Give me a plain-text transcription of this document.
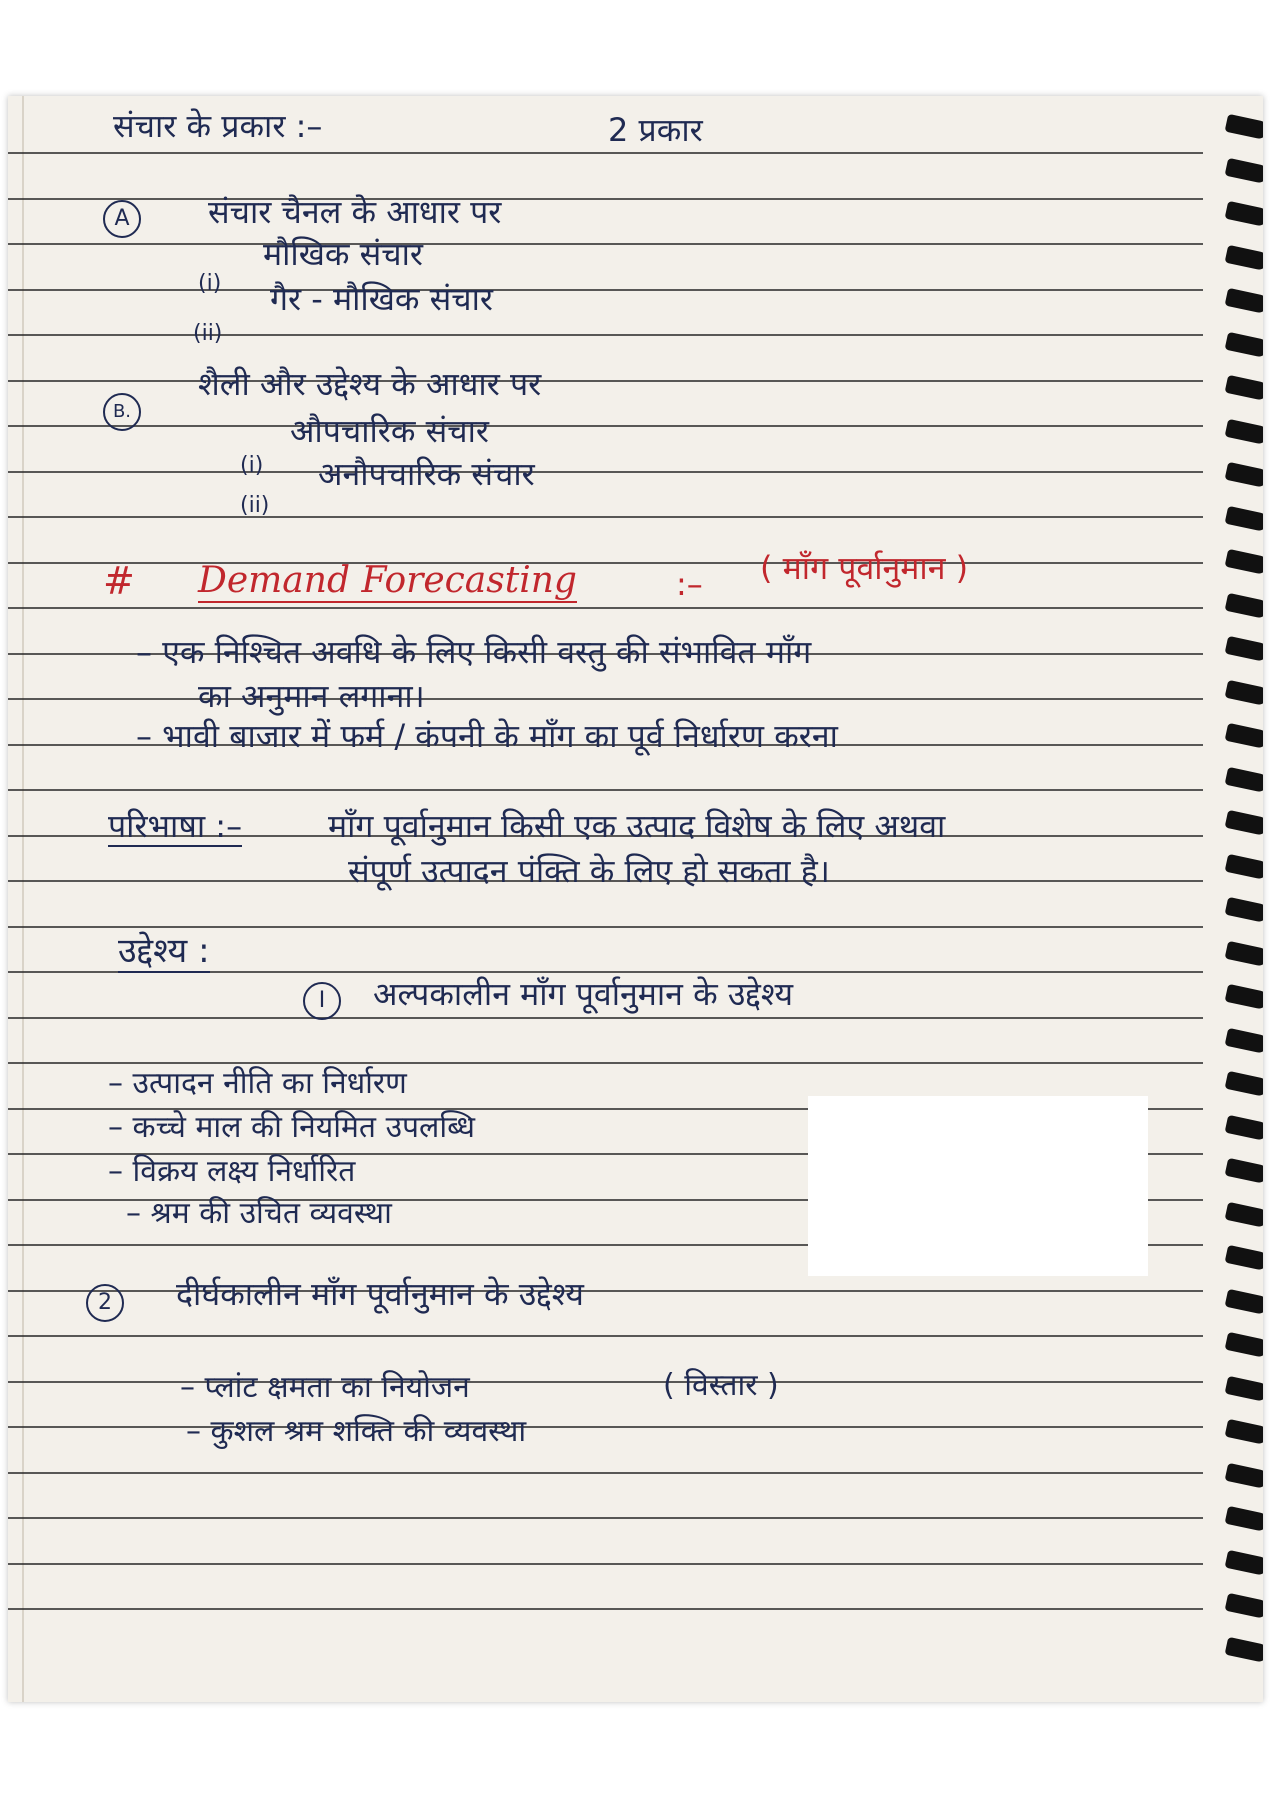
संचार के प्रकार :–	2 प्रकार
A	संचार चैनल के आधार पर
(i)
मौखिक संचार
(ii)
गैर - मौखिक संचार
B.
शैली और उद्देश्य के आधार पर
(i)
औपचारिक संचार
(ii)
अनौपचारिक संचार
# Demand Forecasting	:– ( माँग पूर्वानुमान )
– एक निश्चित अवधि के लिए किसी वस्तु की संभावित माँग
का अनुमान लगाना।
– भावी बाजार में फर्म / कंपनी के माँग का पूर्व निर्धारण करना
परिभाषा :–	माँग पूर्वानुमान किसी एक उत्पाद विशेष के लिए अथवा
संपूर्ण उत्पादन पंक्ति के लिए हो सकता है।
उद्देश्य :
I	अल्पकालीन माँग पूर्वानुमान के उद्देश्य
– उत्पादन नीति का निर्धारण
– कच्चे माल की नियमित उपलब्धि
– विक्रय लक्ष्य निर्धारित
– श्रम की उचित व्यवस्था
2	दीर्घकालीन माँग पूर्वानुमान के उद्देश्य
– प्लांट क्षमता का नियोजन	( विस्तार )
– कुशल श्रम शक्ति की व्यवस्था
